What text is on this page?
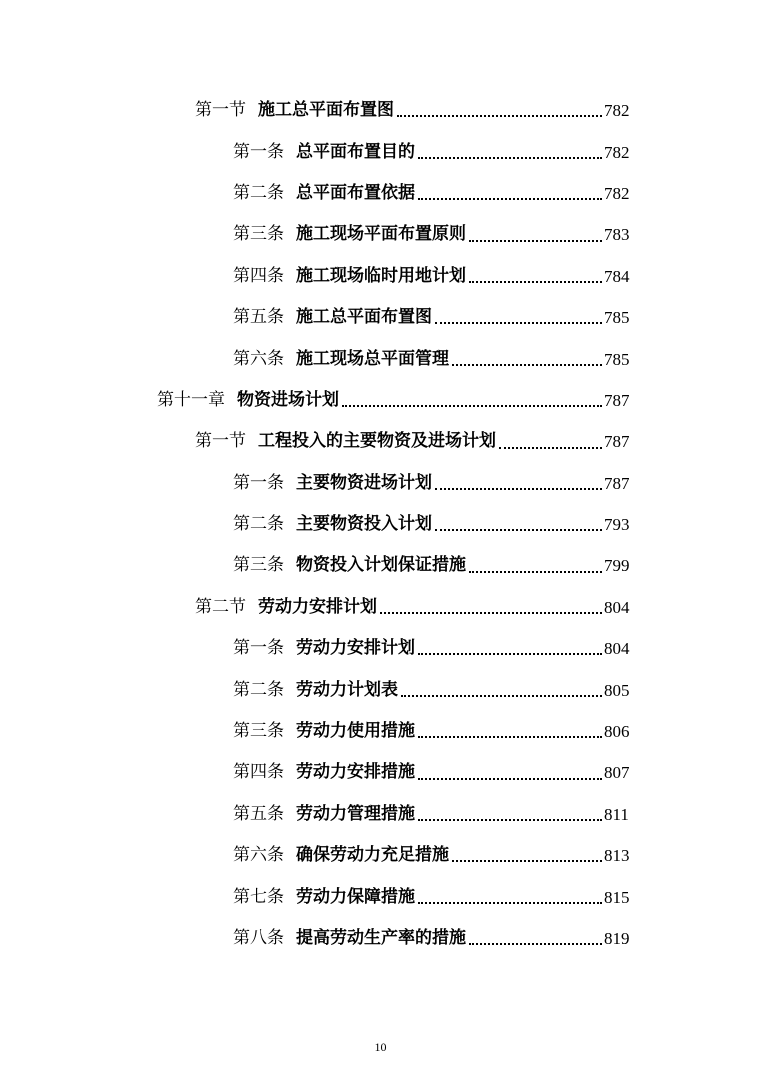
第一节 施工总平面布置图	782
第一条 总平面布置目的	782
第二条 总平面布置依据	782
第三条 施工现场平面布置原则	783
第四条 施工现场临时用地计划	784
第五条 施工总平面布置图	785
第六条 施工现场总平面管理	785
第十一章 物资进场计划	787
第一节 工程投入的主要物资及进场计划	787
第一条 主要物资进场计划	787
第二条 主要物资投入计划	793
第三条 物资投入计划保证措施	799
第二节 劳动力安排计划	804
第一条 劳动力安排计划	804
第二条 劳动力计划表	805
第三条 劳动力使用措施	806
第四条 劳动力安排措施	807
第五条 劳动力管理措施	811
第六条 确保劳动力充足措施	813
第七条 劳动力保障措施	815
第八条 提高劳动生产率的措施	819
10
